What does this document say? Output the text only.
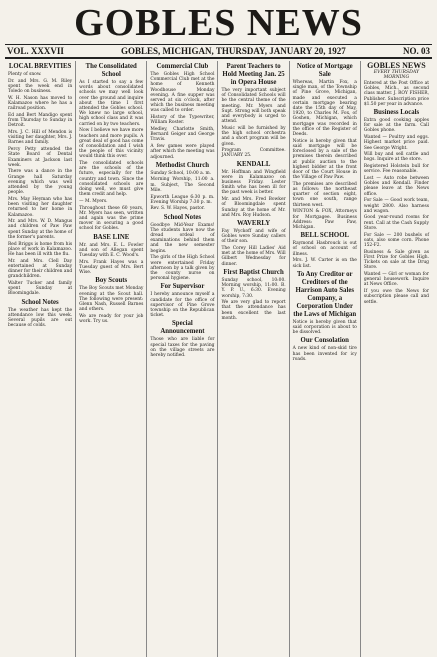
GOBLES NEWS
VOL. XXXVII	GOBLES, MICHIGAN, THURSDAY, JANUARY 20, 1927	NO. 03
LOCAL BREVITIES
Plenty of snow.
Dr. and Mrs. G. M. Riley spent the week end in Toledo on business.
W. H. Nason has moved to Kalamazoo where he has a railroad position.
Ed and Bert Mandigo spent from Thursday to Sunday in Detroit.
Mrs. J. C. Hill of Mendon is visiting her daughter, Mrs. J. Barnes and family.
Percy Petty attended the State Board of Dental Examiners at Jackson last week.
There was a dance in the Grange hall Saturday evening which was well attended by the young people.
Mrs. May Heyman who has been visiting her daughter returned to her home in Kalamazoo.
Mr. and Mrs. W. D. Mangus and children of Paw Paw spent Sunday at the home of the former's parents.
Red Briggs is home from his place of work in Kalamazoo. He has been ill with the flu.
Mr. and Mrs. Clell Day entertained at Sunday dinner for their children and grandchildren.
Walter Tucker and family spent Sunday at Bloomingdale.
School Notes
The weather has kept the attendance low this week. Several pupils are out because of colds.
The Consolidated School
As I started to say a few words about consolidated schools we may well look over the ground and inquire about the time I first attended the Gobles school. We knew no large school, high school class and it was carried on by two teachers.
Now I believe we have more teachers and more pupils. A great deal of good has come of consolidation and I wish the people of this vicinity would think this over.
The consolidated schools are the schools of the future, especially for the country and town. Since the consolidated schools are doing well, we must give them credit and help.
— M. Myers.
Throughout these 60 years, Mr. Myers has seen, written and again was the prime mover in securing a good school for Gobles.
BASE LINE
Mr. and Mrs. E. L. Fowler and son of Allegan spent Tuesday with E. C. Wood's.
Mrs. Frank Hayes was a Tuesday guest of Mrs. Bert Wise.
Boy Scouts
The Boy Scouts met Monday evening at the Scout hall. The following were present: Glenn Nash, Russell Barnes and others.
We are ready for your job work. Try us.
Commercial Club
The Gobles High School Commercial Club met at the home of Kenneth Woodhouse Monday evening. A fine supper was served at six o'clock, after which the business meeting was called to order.
History of the Typewriter, William Roster.
Medley, Charlotte Smith, Bernard Geiger and George Travis.
A few games were played after which the meeting was adjourned.
Methodist Church
Sunday School, 10:00 a. m.
Morning Worship, 11:00 a. m. Subject, The Second Mile.
Epworth League 6:30 p. m. Evening Worship 7:30 p. m.
Rev. S. W. Hayes, pastor.
School Notes
Goodbye Mid-Year Exams! The students have now the dread ordeal of examinations behind them and the new semester begins.
The girls of the High School were entertained Friday afternoon by a talk given by the county nurse on personal hygiene.
For Supervisor
I hereby announce myself a candidate for the office of supervisor of Pine Grove township on the Republican ticket.
Special Announcement
Those who are liable for special taxes for the paving on the village streets are hereby notified.
Parent Teachers to Hold Meeting Jan. 25 in Opera House
The very important subject of Consolidated Schools will be the central theme of the meeting. Mr. Myers and Supt. Strong will both speak and everybody is urged to attend.
Music will be furnished by the high school orchestra and a short program will be given.
Program Committee. JANUARY 25.
KENDALL
Mr. Hoffman and Wingfield were in Kalamazoo on business Friday. Lester Smith who has been ill for the past week is better.
Mr. and Mrs. Fred Bowker of Bloomingdale spent Sunday at the home of Mr. and Mrs. Roy Hudson.
WAVERLY
Fay Wyckoff and wife of Gobles were Sunday callers of their son.
The Corey Hill Ladies' Aid met at the home of Mrs. Will Gilbert Wednesday for dinner.
First Baptist Church
Sunday school, 10:00. Morning worship, 11:00. B. Y. P. U., 6:30. Evening worship, 7:30.
We are very glad to report that the attendance has been excellent the last month.
Notice of Mortgage Sale
Whereas, Martin Fox, a single man, of the Township of Pine Grove, Michigan, made and executed a certain mortgage bearing date the 15th day of May, 1920, to Charles M. Fox, of Goshen, Michigan, which mortgage was recorded in the office of the Register of Deeds.
Notice is hereby given that said mortgage will be foreclosed by a sale of the premises therein described at public auction to the highest bidder at the front door of the Court House in the Village of Paw Paw.
The premises are described as follows: the northeast quarter of section eight, town one south, range thirteen west.
WINTON & FOX, Attorneys for Mortgagee. Business Address: Paw Paw, Michigan.
BELL SCHOOL
Raymond Hasbrouck is out of school on account of illness.
Mrs. J. W. Carter is on the sick list.
To Any Creditor or Creditors of the Harrison Auto Sales Company, a Corporation Under the Laws of Michigan
Notice is hereby given that said corporation is about to be dissolved.
Our Consolation
A new kind of non-skid tire has been invented for icy roads.
GOBLES NEWS
EVERY THURSDAY MORNING
Entered at the Post Office at Gobles, Mich., as second class matter. J. ROY FISHER, Publisher. Subscription price $1.50 per year in advance.
Business Locals
Extra good cooking apples for sale at the farm. Call Gobles phone.
Wanted — Poultry and eggs. Highest market price paid. See George Wright.
Will buy and sell cattle and hogs. Inquire at the store.
Registered Holstein bull for service. Fee reasonable.
Lost — Auto robe between Gobles and Kendall. Finder please leave at the News office.
For Sale — Good work team, weight 2800. Also harness and wagon.
Good year-round rooms for rent. Call at the Cash Supply Store.
For Sale — 200 bushels of oats, also some corn. Phone 152-F2.
Business & Sale given as First Prize for Gobles High. Tickets on sale at the Drug Store.
Wanted — Girl or woman for general housework. Inquire at News Office.
If you owe the News for subscription please call and settle.
